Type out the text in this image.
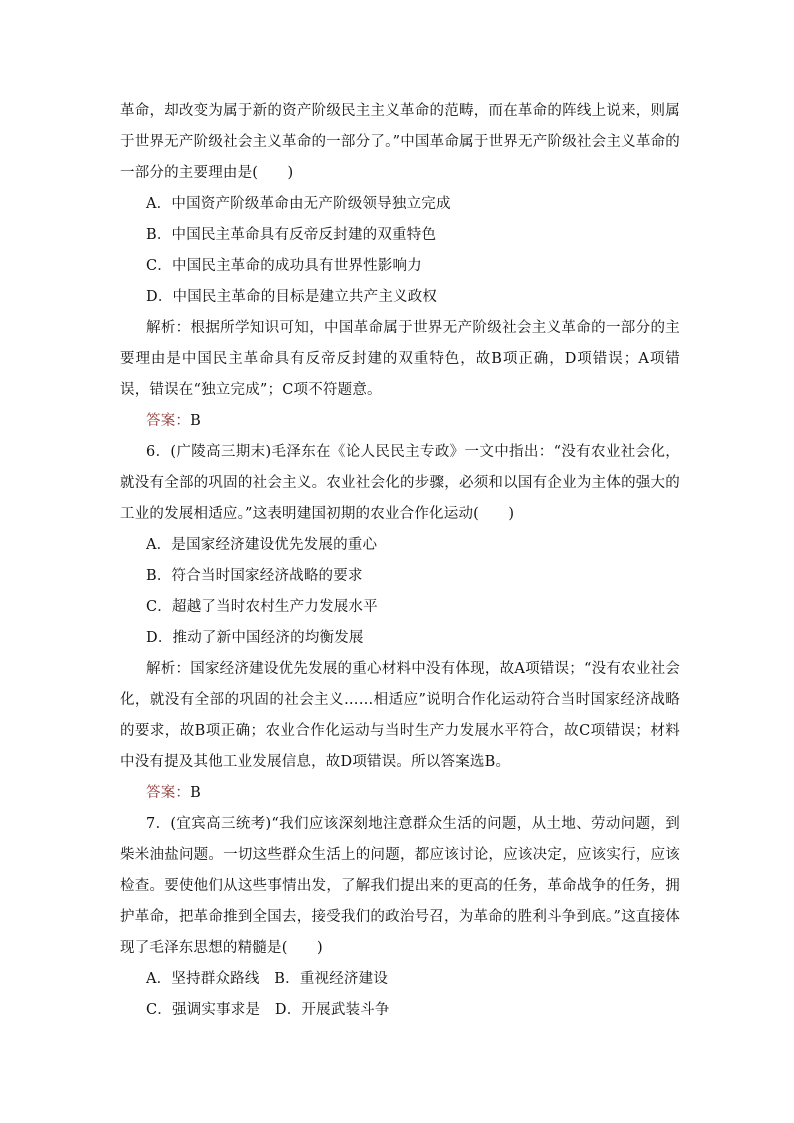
革命，却改变为属于新的资产阶级民主主义革命的范畴，而在革命的阵线上说来，则属于世界无产阶级社会主义革命的一部分了。”中国革命属于世界无产阶级社会主义革命的一部分的主要理由是(　　)

A．中国资产阶级革命由无产阶级领导独立完成

B．中国民主革命具有反帝反封建的双重特色

C．中国民主革命的成功具有世界性影响力

D．中国民主革命的目标是建立共产主义政权

解析：根据所学知识可知，中国革命属于世界无产阶级社会主义革命的一部分的主要理由是中国民主革命具有反帝反封建的双重特色，故B项正确，D项错误；A项错误，错误在“独立完成”；C项不符题意。

答案：B

6．(广陵高三期末)毛泽东在《论人民民主专政》一文中指出：“没有农业社会化，就没有全部的巩固的社会主义。农业社会化的步骤，必须和以国有企业为主体的强大的工业的发展相适应。”这表明建国初期的农业合作化运动(　　)

A．是国家经济建设优先发展的重心

B．符合当时国家经济战略的要求

C．超越了当时农村生产力发展水平

D．推动了新中国经济的均衡发展

解析：国家经济建设优先发展的重心材料中没有体现，故A项错误；“没有农业社会化，就没有全部的巩固的社会主义……相适应”说明合作化运动符合当时国家经济战略的要求，故B项正确；农业合作化运动与当时生产力发展水平符合，故C项错误；材料中没有提及其他工业发展信息，故D项错误。所以答案选B。

答案：B

7．(宜宾高三统考)“我们应该深刻地注意群众生活的问题，从土地、劳动问题，到柴米油盐问题。一切这些群众生活上的问题，都应该讨论，应该决定，应该实行，应该检查。要使他们从这些事情出发，了解我们提出来的更高的任务，革命战争的任务，拥护革命，把革命推到全国去，接受我们的政治号召，为革命的胜利斗争到底。”这直接体现了毛泽东思想的精髓是(　　)

A．坚持群众路线　B．重视经济建设

C．强调实事求是　D．开展武装斗争
